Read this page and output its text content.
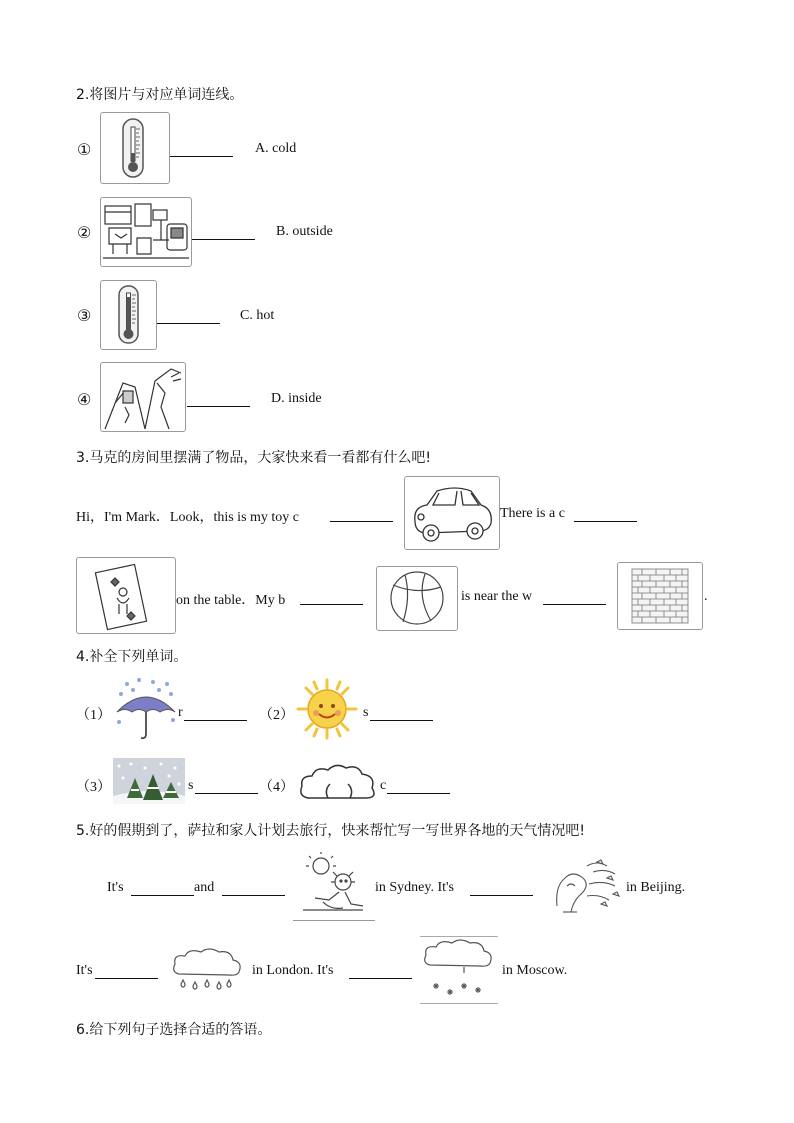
2.将图片与对应单词连线。
①	A. cold
②	B. outside
③	C. hot
④	D. inside
3.马克的房间里摆满了物品，大家快来看一看都有什么吧!
Hi，I'm Mark．Look，this is my toy c	There is a c
on the table．My b	is near the w	.
4.补全下列单词。
（1）	r	（2）	s
（3）	s	（4）	c
5.好的假期到了，萨拉和家人计划去旅行，快来帮忙写一写世界各地的天气情况吧!
It's	and	in Sydney. It's	in Beijing.
It's	in London. It's	in Moscow.
6.给下列句子选择合适的答语。
